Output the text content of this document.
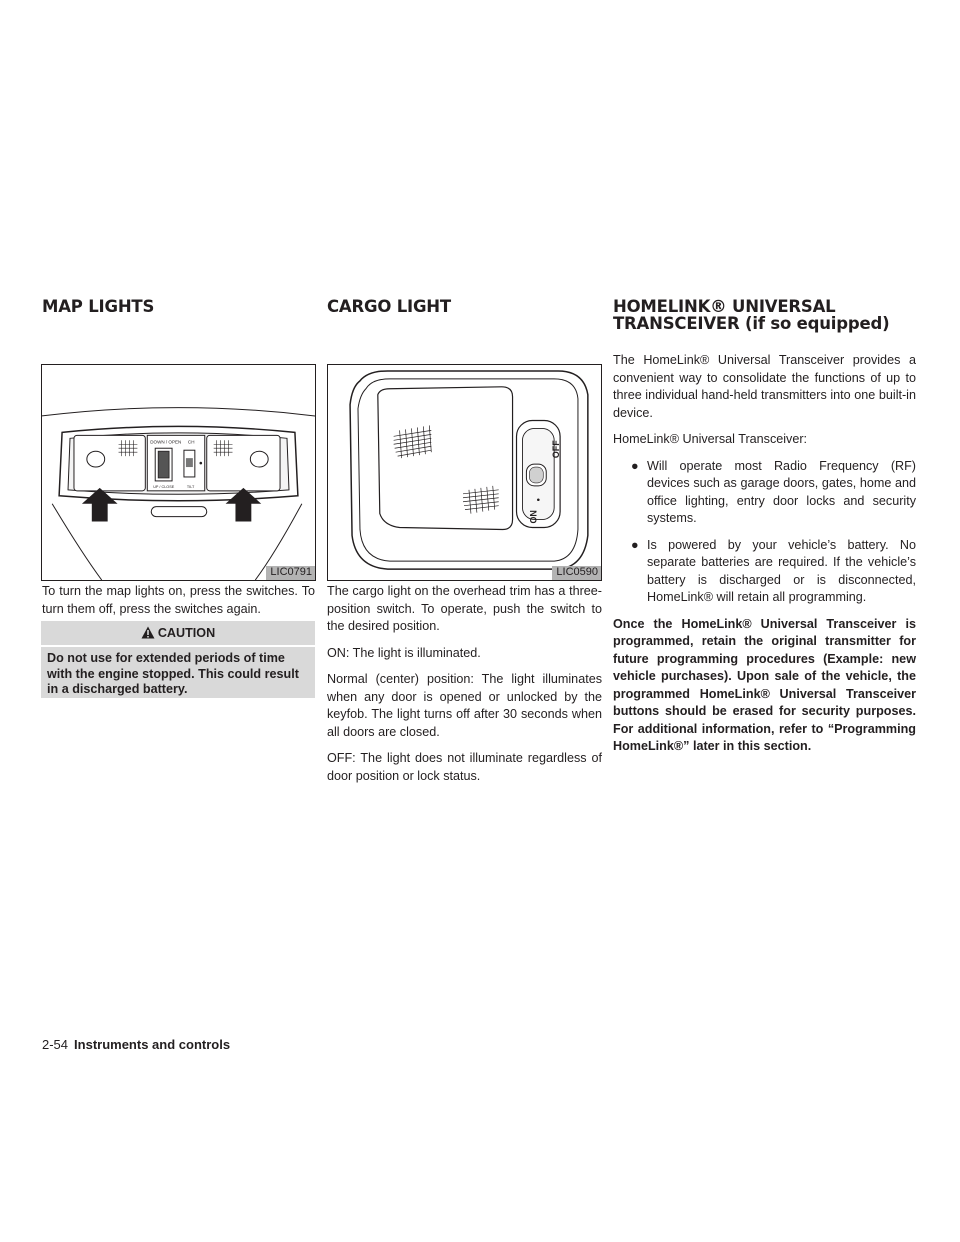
MAP LIGHTS	CARGO LIGHT	HOMELINK® UNIVERSAL
TRANSCEIVER (if so equipped)
DOWN / OPEN CH
UP / CLOSE	TILT
LIC0791
ON
OFF
LIC0590

To turn the map lights on, press the switches. To turn them off, press the switches again.

CAUTION
Do not use for extended periods of time with the engine stopped. This could result in a discharged battery.

The cargo light on the overhead trim has a three-position switch. To operate, push the switch to the desired position.

ON: The light is illuminated.

Normal (center) position: The light illuminates when any door is opened or unlocked by the keyfob. The light turns off after 30 seconds when all doors are closed.

OFF: The light does not illuminate regardless of door position or lock status.

The HomeLink® Universal Transceiver provides a convenient way to consolidate the functions of up to three individual hand-held transmitters into one built-in device.

HomeLink® Universal Transceiver:

● Will operate most Radio Frequency (RF) devices such as garage doors, gates, home and office lighting, entry door locks and security systems.
● Is powered by your vehicle’s battery. No separate batteries are required. If the vehicle’s battery is discharged or is disconnected, HomeLink® will retain all programming.

Once the HomeLink® Universal Transceiver is programmed, retain the original transmitter for future programming procedures (Example: new vehicle purchases). Upon sale of the vehicle, the programmed HomeLink® Universal Transceiver buttons should be erased for security purposes. For additional information, refer to “Programming HomeLink®” later in this section.

2-54 Instruments and controls
